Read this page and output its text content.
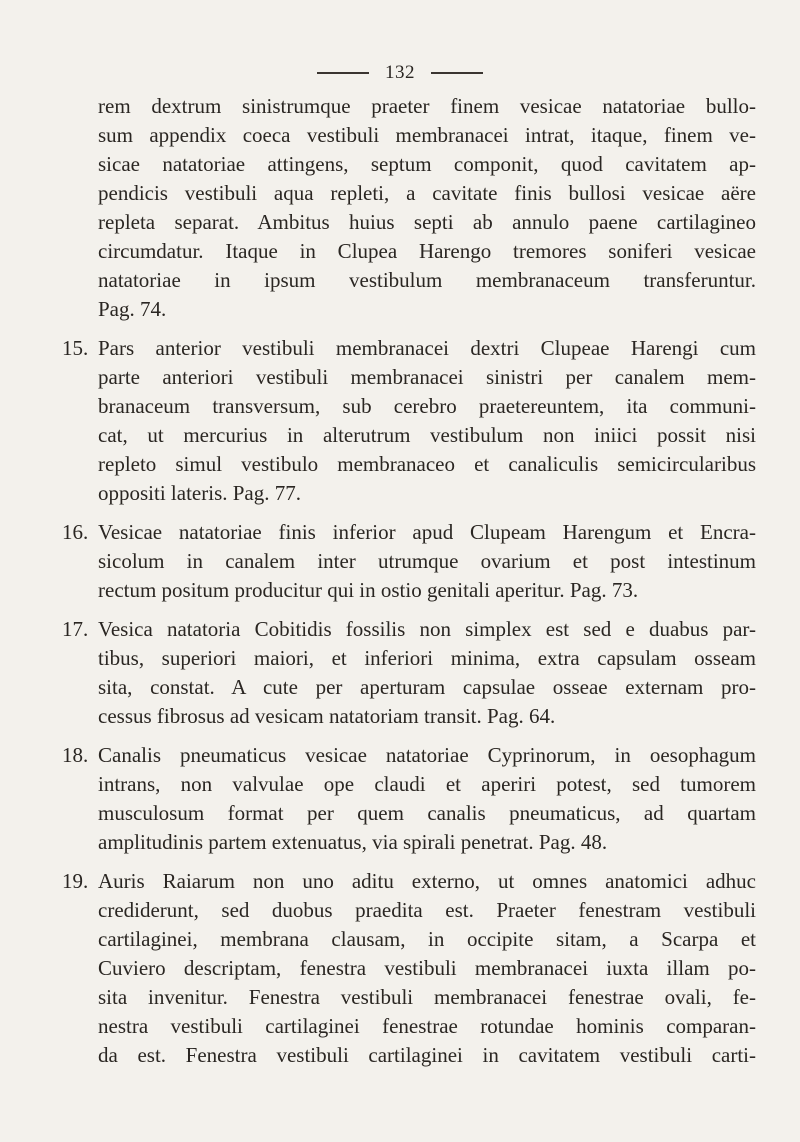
132
rem dextrum sinistrumque praeter finem vesicae natatoriae bullo-
sum appendix coeca vestibuli membranacei intrat, itaque, finem ve-
sicae natatoriae attingens, septum componit, quod cavitatem ap-
pendicis vestibuli aqua repleti, a cavitate finis bullosi vesicae aëre
repleta separat. Ambitus huius septi ab annulo paene cartilagineo
circumdatur. Itaque in Clupea Harengo tremores soniferi vesicae
natatoriae in ipsum vestibulum membranaceum transferuntur.
Pag. 74.
15. Pars anterior vestibuli membranacei dextri Clupeae Harengi cum
parte anteriori vestibuli membranacei sinistri per canalem mem-
branaceum transversum, sub cerebro praetereuntem, ita communi-
cat, ut mercurius in alterutrum vestibulum non iniici possit nisi
repleto simul vestibulo membranaceo et canaliculis semicircularibus
oppositi lateris. Pag. 77.
16. Vesicae natatoriae finis inferior apud Clupeam Harengum et Encra-
sicolum in canalem inter utrumque ovarium et post intestinum
rectum positum producitur qui in ostio genitali aperitur. Pag. 73.
17. Vesica natatoria Cobitidis fossilis non simplex est sed e duabus par-
tibus, superiori maiori, et inferiori minima, extra capsulam osseam
sita, constat. A cute per aperturam capsulae osseae externam pro-
cessus fibrosus ad vesicam natatoriam transit. Pag. 64.
18. Canalis pneumaticus vesicae natatoriae Cyprinorum, in oesophagum
intrans, non valvulae ope claudi et aperiri potest, sed tumorem
musculosum format per quem canalis pneumaticus, ad quartam
amplitudinis partem extenuatus, via spirali penetrat. Pag. 48.
19. Auris Raiarum non uno aditu externo, ut omnes anatomici adhuc
crediderunt, sed duobus praedita est. Praeter fenestram vestibuli
cartilaginei, membrana clausam, in occipite sitam, a Scarpa et
Cuviero descriptam, fenestra vestibuli membranacei iuxta illam po-
sita invenitur. Fenestra vestibuli membranacei fenestrae ovali, fe-
nestra vestibuli cartilaginei fenestrae rotundae hominis comparan-
da est. Fenestra vestibuli cartilaginei in cavitatem vestibuli carti-
